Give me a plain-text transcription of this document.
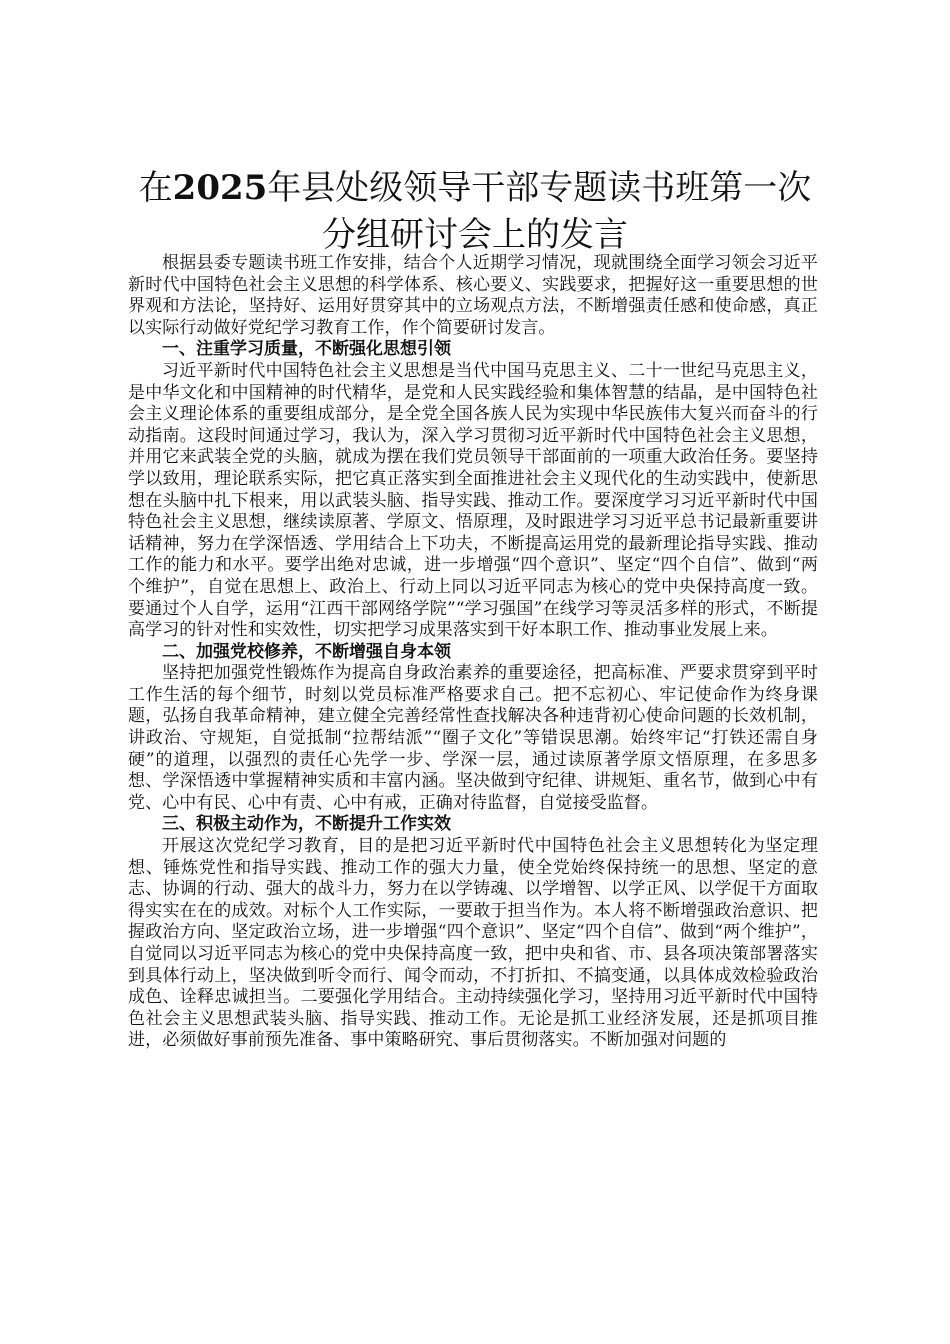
在2025年县处级领导干部专题读书班第一次
分组研讨会上的发言

根据县委专题读书班工作安排，结合个人近期学习情况，现就围绕全面学习领会习近平新时代中国特色社会主义思想的科学体系、核心要义、实践要求，把握好这一重要思想的世界观和方法论，坚持好、运用好贯穿其中的立场观点方法，不断增强责任感和使命感，真正以实际行动做好党纪学习教育工作，作个简要研讨发言。

一、注重学习质量，不断强化思想引领

习近平新时代中国特色社会主义思想是当代中国马克思主义、二十一世纪马克思主义，是中华文化和中国精神的时代精华，是党和人民实践经验和集体智慧的结晶，是中国特色社会主义理论体系的重要组成部分，是全党全国各族人民为实现中华民族伟大复兴而奋斗的行动指南。这段时间通过学习，我认为，深入学习贯彻习近平新时代中国特色社会主义思想，并用它来武装全党的头脑，就成为摆在我们党员领导干部面前的一项重大政治任务。要坚持学以致用，理论联系实际，把它真正落实到全面推进社会主义现代化的生动实践中，使新思想在头脑中扎下根来，用以武装头脑、指导实践、推动工作。要深度学习习近平新时代中国特色社会主义思想，继续读原著、学原文、悟原理，及时跟进学习习近平总书记最新重要讲话精神，努力在学深悟透、学用结合上下功夫，不断提高运用党的最新理论指导实践、推动工作的能力和水平。要学出绝对忠诚，进一步增强“四个意识”、坚定“四个自信”、做到“两个维护”，自觉在思想上、政治上、行动上同以习近平同志为核心的党中央保持高度一致。要通过个人自学，运用“江西干部网络学院”“学习强国”在线学习等灵活多样的形式，不断提高学习的针对性和实效性，切实把学习成果落实到干好本职工作、推动事业发展上来。

二、加强党校修养，不断增强自身本领

坚持把加强党性锻炼作为提高自身政治素养的重要途径，把高标准、严要求贯穿到平时工作生活的每个细节，时刻以党员标准严格要求自己。把不忘初心、牢记使命作为终身课题，弘扬自我革命精神，建立健全完善经常性查找解决各种违背初心使命问题的长效机制，讲政治、守规矩，自觉抵制“拉帮结派”“圈子文化”等错误思潮。始终牢记“打铁还需自身硬”的道理，以强烈的责任心先学一步、学深一层，通过读原著学原文悟原理，在多思多想、学深悟透中掌握精神实质和丰富内涵。坚决做到守纪律、讲规矩、重名节，做到心中有党、心中有民、心中有责、心中有戒，正确对待监督，自觉接受监督。

三、积极主动作为，不断提升工作实效

开展这次党纪学习教育，目的是把习近平新时代中国特色社会主义思想转化为坚定理想、锤炼党性和指导实践、推动工作的强大力量，使全党始终保持统一的思想、坚定的意志、协调的行动、强大的战斗力，努力在以学铸魂、以学增智、以学正风、以学促干方面取得实实在在的成效。对标个人工作实际，一要敢于担当作为。本人将不断增强政治意识、把握政治方向、坚定政治立场，进一步增强“四个意识”、坚定“四个自信”、做到“两个维护”，自觉同以习近平同志为核心的党中央保持高度一致，把中央和省、市、县各项决策部署落实到具体行动上，坚决做到听令而行、闻令而动，不打折扣、不搞变通，以具体成效检验政治成色、诠释忠诚担当。二要强化学用结合。主动持续强化学习，坚持用习近平新时代中国特色社会主义思想武装头脑、指导实践、推动工作。无论是抓工业经济发展，还是抓项目推进，必须做好事前预先准备、事中策略研究、事后贯彻落实。不断加强对问题的
